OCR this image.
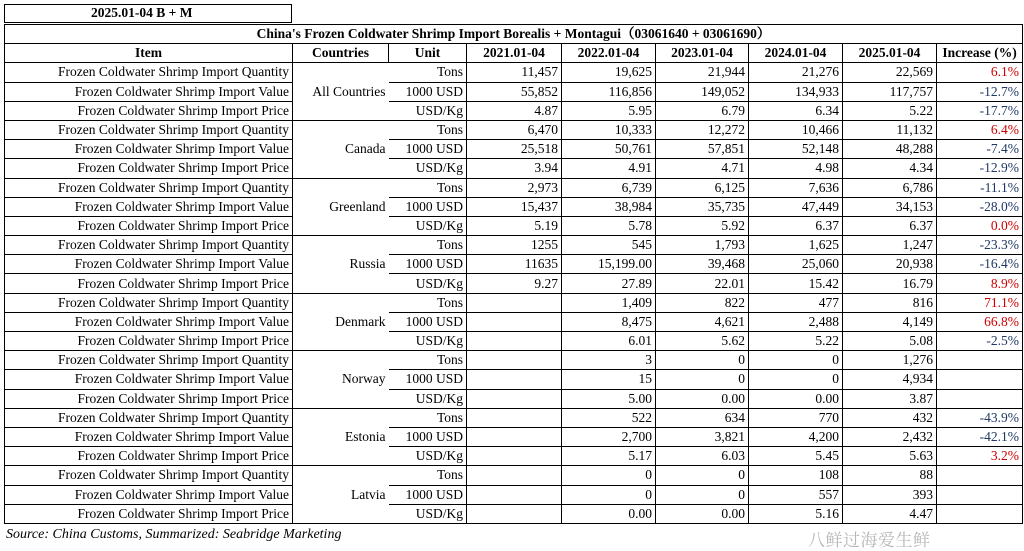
2025.01-04 B + M
China's Frozen Coldwater Shrimp Import Borealis + Montagui（03061640 + 03061690）								
Item	Countries	Unit	2021.01-04	2022.01-04	2023.01-04	2024.01-04	2025.01-04	Increase (%)
Frozen Coldwater Shrimp Import Quantity		Tons	11,457	19,625	21,944	21,276	22,569	6.1%
Frozen Coldwater Shrimp Import Value	All Countries	1000 USD	55,852	116,856	149,052	134,933	117,757	-12.7%
Frozen Coldwater Shrimp Import Price		USD/Kg	4.87	5.95	6.79	6.34	5.22	-17.7%
Frozen Coldwater Shrimp Import Quantity		Tons	6,470	10,333	12,272	10,466	11,132	6.4%
Frozen Coldwater Shrimp Import Value	Canada	1000 USD	25,518	50,761	57,851	52,148	48,288	-7.4%
Frozen Coldwater Shrimp Import Price		USD/Kg	3.94	4.91	4.71	4.98	4.34	-12.9%
Frozen Coldwater Shrimp Import Quantity		Tons	2,973	6,739	6,125	7,636	6,786	-11.1%
Frozen Coldwater Shrimp Import Value	Greenland	1000 USD	15,437	38,984	35,735	47,449	34,153	-28.0%
Frozen Coldwater Shrimp Import Price		USD/Kg	5.19	5.78	5.92	6.37	6.37	0.0%
Frozen Coldwater Shrimp Import Quantity		Tons	1255	545	1,793	1,625	1,247	-23.3%
Frozen Coldwater Shrimp Import Value	Russia	1000 USD	11635	15,199.00	39,468	25,060	20,938	-16.4%
Frozen Coldwater Shrimp Import Price		USD/Kg	9.27	27.89	22.01	15.42	16.79	8.9%
Frozen Coldwater Shrimp Import Quantity		Tons		1,409	822	477	816	71.1%
Frozen Coldwater Shrimp Import Value	Denmark	1000 USD		8,475	4,621	2,488	4,149	66.8%
Frozen Coldwater Shrimp Import Price		USD/Kg		6.01	5.62	5.22	5.08	-2.5%
Frozen Coldwater Shrimp Import Quantity		Tons		3	0	0	1,276	
Frozen Coldwater Shrimp Import Value	Norway	1000 USD		15	0	0	4,934	
Frozen Coldwater Shrimp Import Price		USD/Kg		5.00	0.00	0.00	3.87	
Frozen Coldwater Shrimp Import Quantity		Tons		522	634	770	432	-43.9%
Frozen Coldwater Shrimp Import Value	Estonia	1000 USD		2,700	3,821	4,200	2,432	-42.1%
Frozen Coldwater Shrimp Import Price		USD/Kg		5.17	6.03	5.45	5.63	3.2%
Frozen Coldwater Shrimp Import Quantity		Tons		0	0	108	88	
Frozen Coldwater Shrimp Import Value	Latvia	1000 USD		0	0	557	393	
Frozen Coldwater Shrimp Import Price		USD/Kg		0.00	0.00	5.16	4.47	
Source: China Customs, Summarized: Seabridge Marketing	八鲜过海爱生鲜
